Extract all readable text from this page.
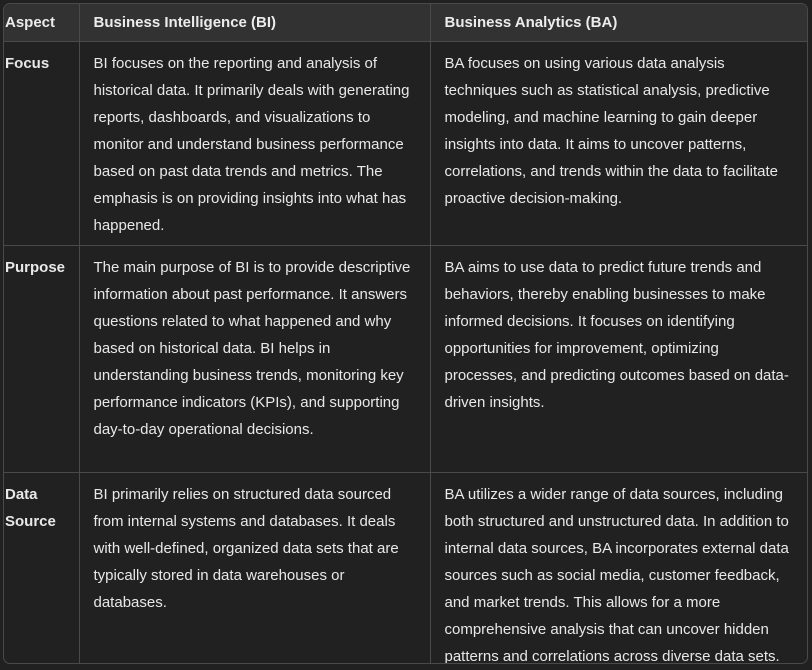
Aspect	Business Intelligence (BI)	Business Analytics (BA)
Focus	BI focuses on the reporting and analysis of historical data. It primarily deals with generating reports, dashboards, and visualizations to monitor and understand business performance based on past data trends and metrics. The emphasis is on providing insights into what has happened.	BA focuses on using various data analysis techniques such as statistical analysis, predictive modeling, and machine learning to gain deeper insights into data. It aims to uncover patterns, correlations, and trends within the data to facilitate proactive decision-making.
Purpose	The main purpose of BI is to provide descriptive information about past performance. It answers questions related to what happened and why based on historical data. BI helps in understanding business trends, monitoring key performance indicators (KPIs), and supporting day-to-day operational decisions.	BA aims to use data to predict future trends and behaviors, thereby enabling businesses to make informed decisions. It focuses on identifying opportunities for improvement, optimizing processes, and predicting outcomes based on data-driven insights.
Data Source	BI primarily relies on structured data sourced from internal systems and databases. It deals with well-defined, organized data sets that are typically stored in data warehouses or databases.	BA utilizes a wider range of data sources, including both structured and unstructured data. In addition to internal data sources, BA incorporates external data sources such as social media, customer feedback, and market trends. This allows for a more comprehensive analysis that can uncover hidden patterns and correlations across diverse data sets.
